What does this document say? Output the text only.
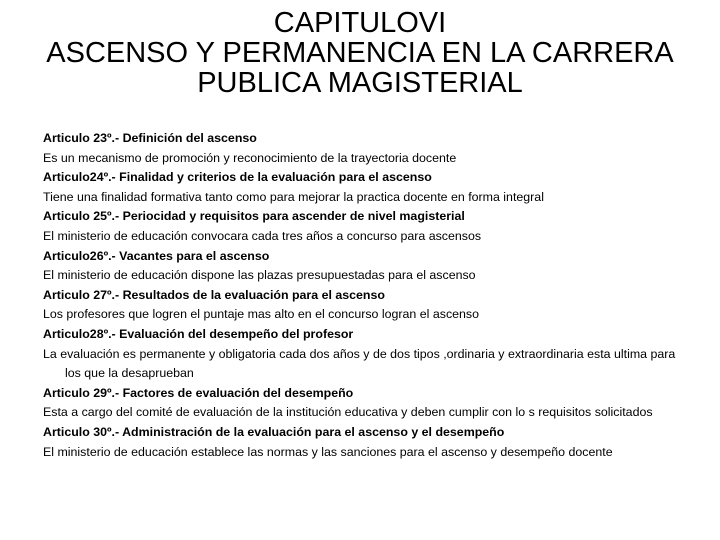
CAPITULOVI
ASCENSO Y PERMANENCIA EN LA CARRERA
PUBLICA MAGISTERIAL
Articulo 23º.- Definición del ascenso
Es un mecanismo de promoción y reconocimiento de la trayectoria docente
Articulo24º.- Finalidad y criterios de la evaluación para el ascenso
Tiene una finalidad formativa tanto como para mejorar la practica docente en forma integral
Articulo 25º.- Periocidad y requisitos para ascender de nivel magisterial
El ministerio de educación convocara cada tres años a concurso para ascensos
Articulo26º.- Vacantes para el ascenso
El ministerio de educación dispone las plazas presupuestadas para el ascenso
Articulo 27º.- Resultados de la evaluación para el ascenso
Los profesores que logren el puntaje mas alto en el concurso logran el ascenso
Articulo28º.- Evaluación del desempeño del profesor
La evaluación es permanente y obligatoria cada dos años y de dos tipos ,ordinaria y extraordinaria esta ultima para los que la desaprueban
Articulo 29º.- Factores de evaluación del desempeño
Esta a cargo del comité de evaluación de la institución educativa y deben cumplir con lo s requisitos solicitados
Articulo 30º.- Administración de la evaluación para el ascenso y el desempeño
El ministerio de educación establece las normas y las sanciones para el ascenso y desempeño docente
